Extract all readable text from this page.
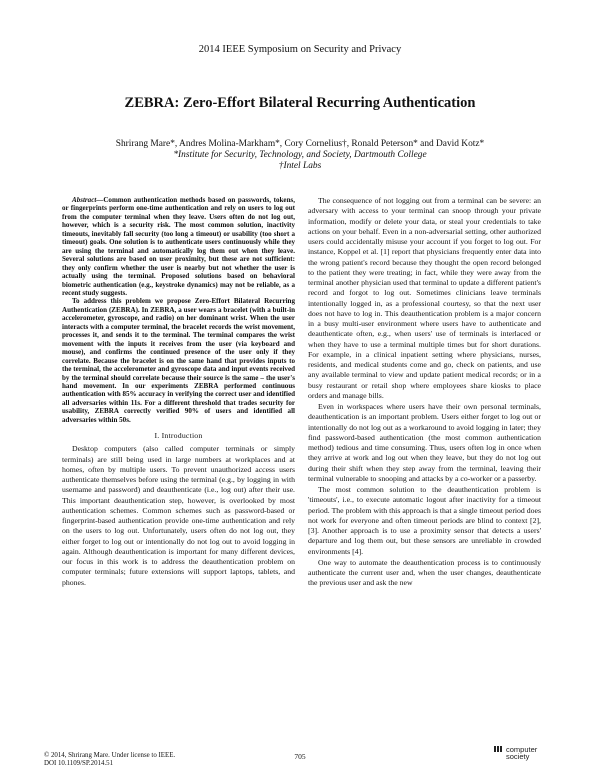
2014 IEEE Symposium on Security and Privacy
ZEBRA: Zero-Effort Bilateral Recurring Authentication
Shrirang Mare*, Andres Molina-Markham*, Cory Cornelius†, Ronald Peterson* and David Kotz*
*Institute for Security, Technology, and Society, Dartmouth College
†Intel Labs

Abstract—Common authentication methods based on passwords, tokens, or fingerprints perform one-time authentication and rely on users to log out from the computer terminal when they leave. Users often do not log out, however, which is a security risk. The most common solution, inactivity timeouts, inevitably fall security (too long a timeout) or usability (too short a timeout) goals. One solution is to authenticate users continuously while they are using the terminal and automatically log them out when they leave. Several solutions are based on user proximity, but these are not sufficient: they only confirm whether the user is nearby but not whether the user is actually using the terminal. Proposed solutions based on behavioral biometric authentication (e.g., keystroke dynamics) may not be reliable, as a recent study suggests.

To address this problem we propose Zero-Effort Bilateral Recurring Authentication (ZEBRA). In ZEBRA, a user wears a bracelet (with a built-in accelerometer, gyroscope, and radio) on her dominant wrist. When the user interacts with a computer terminal, the bracelet records the wrist movement, processes it, and sends it to the terminal. The terminal compares the wrist movement with the inputs it receives from the user (via keyboard and mouse), and confirms the continued presence of the user only if they correlate. Because the bracelet is on the same hand that provides inputs to the terminal, the accelerometer and gyroscope data and input events received by the terminal should correlate because their source is the same – the user's hand movement. In our experiments ZEBRA performed continuous authentication with 85% accuracy in verifying the correct user and identified all adversaries within 11s. For a different threshold that trades security for usability, ZEBRA correctly verified 90% of users and identified all adversaries within 50s.

I. Introduction

Desktop computers (also called computer terminals or simply terminals) are still being used in large numbers at workplaces and at homes, often by multiple users. To prevent unauthorized access users authenticate themselves before using the terminal (e.g., by logging in with username and password) and deauthenticate (i.e., log out) after their use. This important deauthentication step, however, is overlooked by most authentication schemes. Common schemes such as password-based or fingerprint-based authentication provide one-time authentication and rely on the users to log out. Unfortunately, users often do not log out, they either forget to log out or intentionally do not log out to avoid logging in again. Although deauthentication is important for many different devices, our focus in this work is to address the deauthentication problem on computer terminals; future extensions will support laptops, tablets, and phones.

The consequence of not logging out from a terminal can be severe: an adversary with access to your terminal can snoop through your private information, modify or delete your data, or steal your credentials to take actions on your behalf. Even in a non-adversarial setting, other authorized users could accidentally misuse your account if you forget to log out. For instance, Koppel et al. [1] report that physicians frequently enter data into the wrong patient's record because they thought the open record belonged to the patient they were treating; in fact, while they were away from the terminal another physician used that terminal to update a different patient's record and forgot to log out. Sometimes clinicians leave terminals intentionally logged in, as a professional courtesy, so that the next user does not have to log in. This deauthentication problem is a major concern in a busy multi-user environment where users have to authenticate and deauthenticate often, e.g., when users' use of terminals is interlaced or when they have to use a terminal multiple times but for short durations. For example, in a clinical inpatient setting where physicians, nurses, residents, and medical students come and go, check on patients, and use any available terminal to view and update patient medical records; or in a busy restaurant or retail shop where employees share kiosks to place orders and manage bills.

Even in workspaces where users have their own personal terminals, deauthentication is an important problem. Users either forget to log out or intentionally do not log out as a workaround to avoid logging in later; they find password-based authentication (the most common authentication method) tedious and time consuming. Thus, users often log in once when they arrive at work and log out when they leave, but they do not log out during their shift when they step away from the terminal, leaving their terminal vulnerable to snooping and attacks by a co-worker or a passerby.

The most common solution to the deauthentication problem is 'timeouts', i.e., to execute automatic logout after inactivity for a timeout period. The problem with this approach is that a single timeout period does not work for everyone and often timeout periods are blind to context [2], [3]. Another approach is to use a proximity sensor that detects a users' departure and log them out, but these sensors are unreliable in crowded environments [4].

One way to automate the deauthentication process is to continuously authenticate the current user and, when the user changes, deauthenticate the previous user and ask the new

© 2014, Shrirang Mare. Under license to IEEE.
DOI 10.1109/SP.2014.51
705
computer
society
